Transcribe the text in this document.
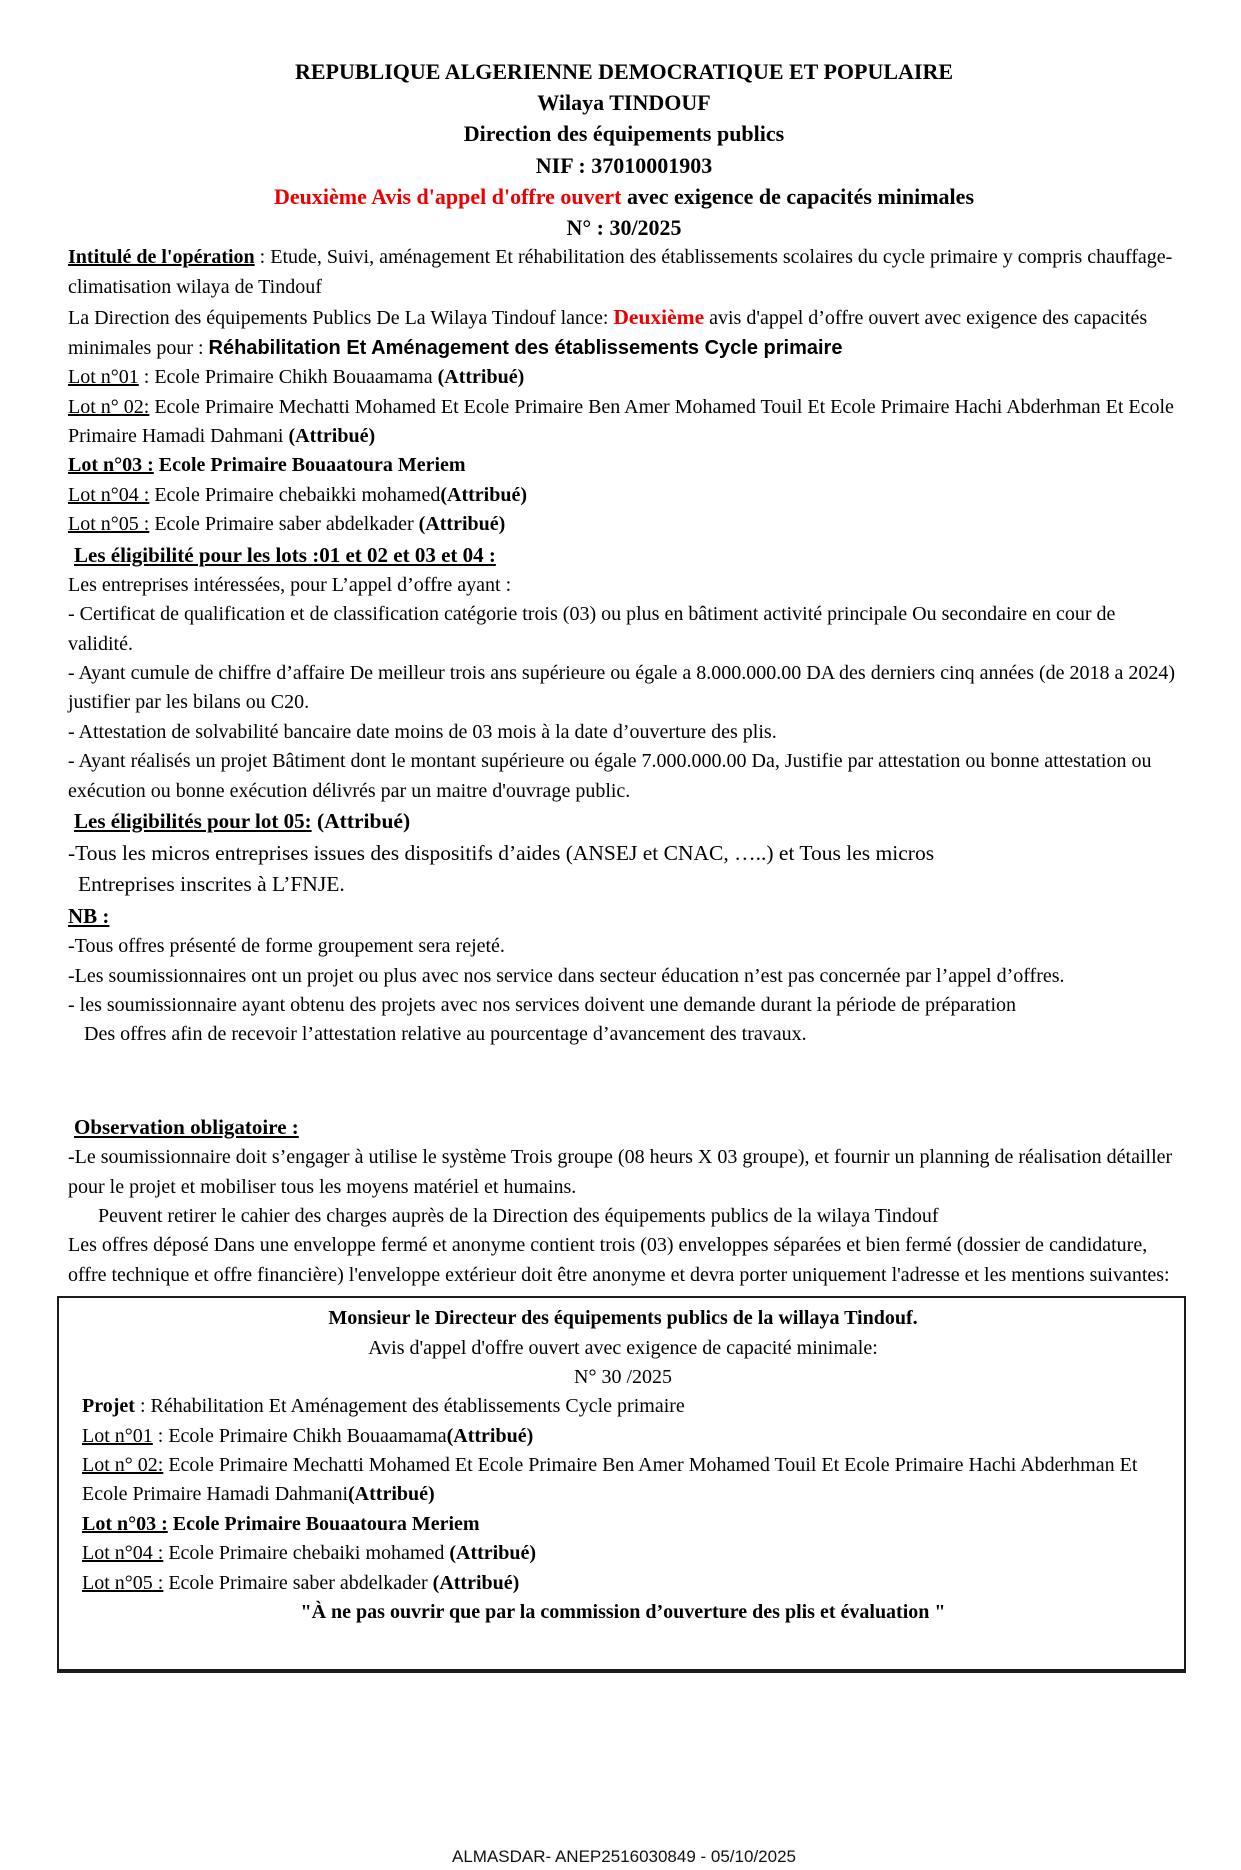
REPUBLIQUE ALGERIENNE DEMOCRATIQUE ET POPULAIRE

Wilaya TINDOUF

Direction des équipements publics

NIF : 37010001903

Deuxième Avis d'appel d'offre ouvert avec exigence de capacités minimales

N° : 30/2025

Intitulé de l'opération : Etude, Suivi, aménagement Et réhabilitation des établissements scolaires du cycle primaire y compris chauffage- climatisation wilaya de Tindouf

La Direction des équipements Publics De La Wilaya Tindouf lance: Deuxième avis d'appel d’offre ouvert avec exigence des capacités minimales pour : Réhabilitation Et Aménagement des établissements Cycle primaire

Lot n°01 : Ecole Primaire Chikh Bouaamama (Attribué)

Lot n° 02: Ecole Primaire Mechatti Mohamed Et Ecole Primaire Ben Amer Mohamed Touil Et Ecole Primaire Hachi Abderhman Et Ecole Primaire Hamadi Dahmani (Attribué)

Lot n°03 : Ecole Primaire Bouaatoura Meriem

Lot n°04 : Ecole Primaire chebaikki mohamed(Attribué)

Lot n°05 : Ecole Primaire saber abdelkader (Attribué)

Les éligibilité pour les lots :01 et 02 et 03 et 04 :

Les entreprises intéressées, pour L’appel d’offre ayant :

- Certificat de qualification et de classification catégorie trois (03) ou plus en bâtiment activité principale Ou secondaire en cour de validité.

- Ayant cumule de chiffre d’affaire De meilleur trois ans supérieure ou égale a 8.000.000.00 DA des derniers cinq années (de 2018 a 2024) justifier par les bilans ou C20.

- Attestation de solvabilité bancaire date moins de 03 mois à la date d’ouverture des plis.

- Ayant réalisés un projet Bâtiment dont le montant supérieure ou égale 7.000.000.00 Da, Justifie par attestation ou bonne attestation ou exécution ou bonne exécution délivrés par un maitre d'ouvrage public.

Les éligibilités pour lot 05: (Attribué)

-Tous les micros entreprises issues des dispositifs d’aides (ANSEJ et CNAC, …..) et Tous les micros
Entreprises inscrites à L’FNJE.

NB :

-Tous offres présenté de forme groupement sera rejeté.

-Les soumissionnaires ont un projet ou plus avec nos service dans secteur éducation n’est pas concernée par l’appel d’offres.

- les soumissionnaire ayant obtenu des projets avec nos services doivent une demande durant la période de préparation
Des offres afin de recevoir l’attestation relative au pourcentage d’avancement des travaux.

Observation obligatoire :

-Le soumissionnaire doit s’engager à utilise le système Trois groupe (08 heurs X 03 groupe), et fournir un planning de réalisation détailler pour le projet et mobiliser tous les moyens matériel et humains.

Peuvent retirer le cahier des charges auprès de la Direction des équipements publics de la wilaya Tindouf

Les offres déposé Dans une enveloppe fermé et anonyme contient trois (03) enveloppes séparées et bien fermé (dossier de candidature, offre technique et offre financière) l'enveloppe extérieur doit être anonyme et devra porter uniquement l'adresse et les mentions suivantes:

Monsieur le Directeur des équipements publics de la willaya Tindouf.

Avis d'appel d'offre ouvert avec exigence de capacité minimale:

N° 30 /2025

Projet : Réhabilitation Et Aménagement des établissements Cycle primaire

Lot n°01 : Ecole Primaire Chikh Bouaamama(Attribué)

Lot n° 02: Ecole Primaire Mechatti Mohamed Et Ecole Primaire Ben Amer Mohamed Touil Et Ecole Primaire Hachi Abderhman Et Ecole Primaire Hamadi Dahmani(Attribué)

Lot n°03 : Ecole Primaire Bouaatoura Meriem

Lot n°04 : Ecole Primaire chebaiki mohamed (Attribué)

Lot n°05 : Ecole Primaire saber abdelkader (Attribué)

"À ne pas ouvrir que par la commission d’ouverture des plis et évaluation "

ALMASDAR- ANEP2516030849 - 05/10/2025
